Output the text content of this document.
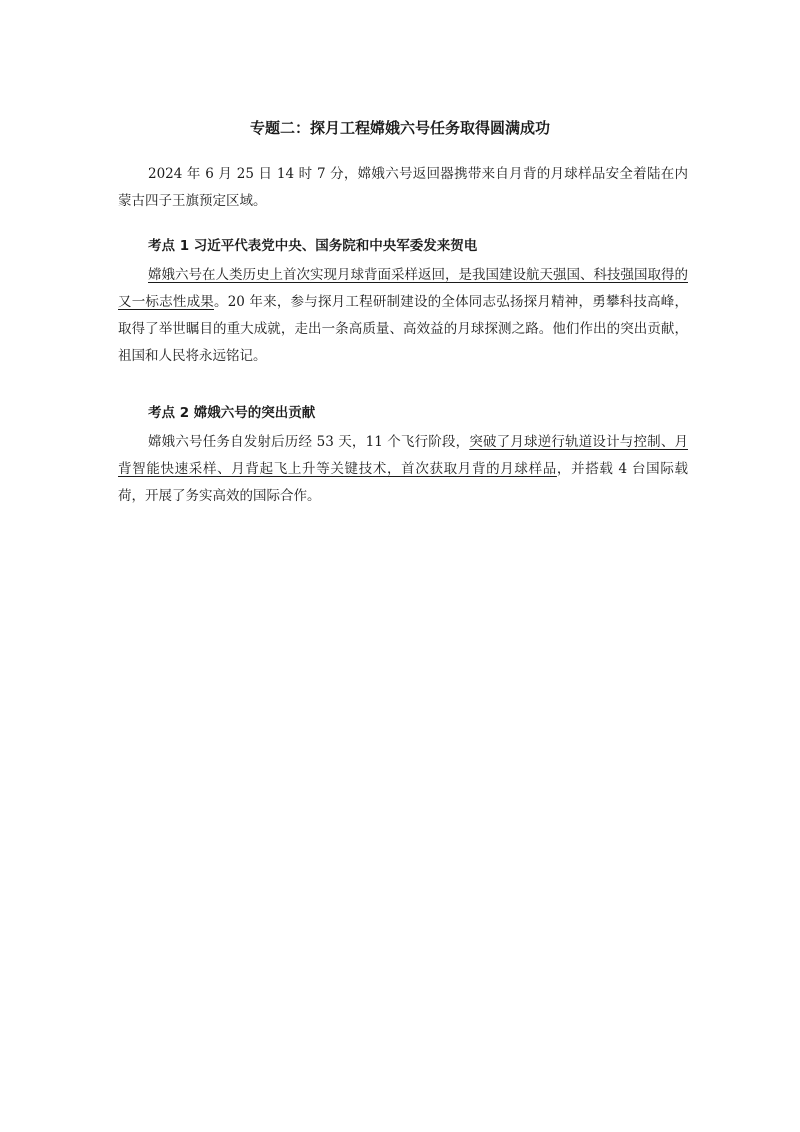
专题二：探月工程嫦娥六号任务取得圆满成功

2024 年 6 月 25 日 14 时 7 分，嫦娥六号返回器携带来自月背的月球样品安全着陆在内蒙古四子王旗预定区域。

考点 1 习近平代表党中央、国务院和中央军委发来贺电

嫦娥六号在人类历史上首次实现月球背面采样返回，是我国建设航天强国、科技强国取得的又一标志性成果。20 年来，参与探月工程研制建设的全体同志弘扬探月精神，勇攀科技高峰，取得了举世瞩目的重大成就，走出一条高质量、高效益的月球探测之路。他们作出的突出贡献，祖国和人民将永远铭记。

考点 2 嫦娥六号的突出贡献

嫦娥六号任务自发射后历经 53 天，11 个飞行阶段，突破了月球逆行轨道设计与控制、月背智能快速采样、月背起飞上升等关键技术，首次获取月背的月球样品，并搭载 4 台国际载荷，开展了务实高效的国际合作。
